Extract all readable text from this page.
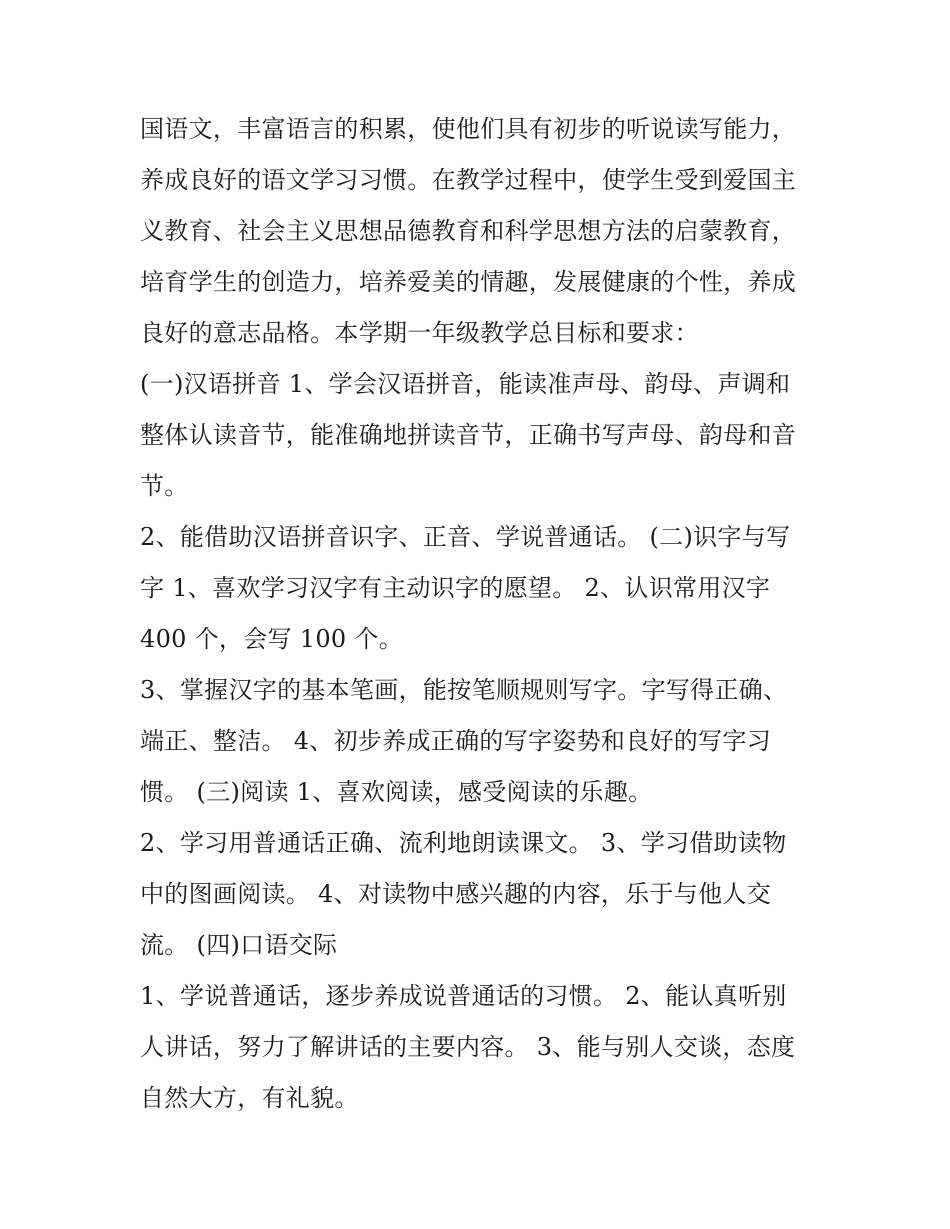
国语文，丰富语言的积累，使他们具有初步的听说读写能力，
养成良好的语文学习习惯。在教学过程中，使学生受到爱国主
义教育、社会主义思想品德教育和科学思想方法的启蒙教育，
培育学生的创造力，培养爱美的情趣，发展健康的个性，养成
良好的意志品格。本学期一年级教学总目标和要求：
(一)汉语拼音 1、学会汉语拼音，能读准声母、韵母、声调和
整体认读音节，能准确地拼读音节，正确书写声母、韵母和音
节。
2、能借助汉语拼音识字、正音、学说普通话。 (二)识字与写
字 1、喜欢学习汉字有主动识字的愿望。 2、认识常用汉字
400 个，会写 100 个。
3、掌握汉字的基本笔画，能按笔顺规则写字。字写得正确、
端正、整洁。 4、初步养成正确的写字姿势和良好的写字习
惯。 (三)阅读 1、喜欢阅读，感受阅读的乐趣。
2、学习用普通话正确、流利地朗读课文。 3、学习借助读物
中的图画阅读。 4、对读物中感兴趣的内容，乐于与他人交
流。 (四)口语交际
1、学说普通话，逐步养成说普通话的习惯。 2、能认真听别
人讲话，努力了解讲话的主要内容。 3、能与别人交谈，态度
自然大方，有礼貌。
